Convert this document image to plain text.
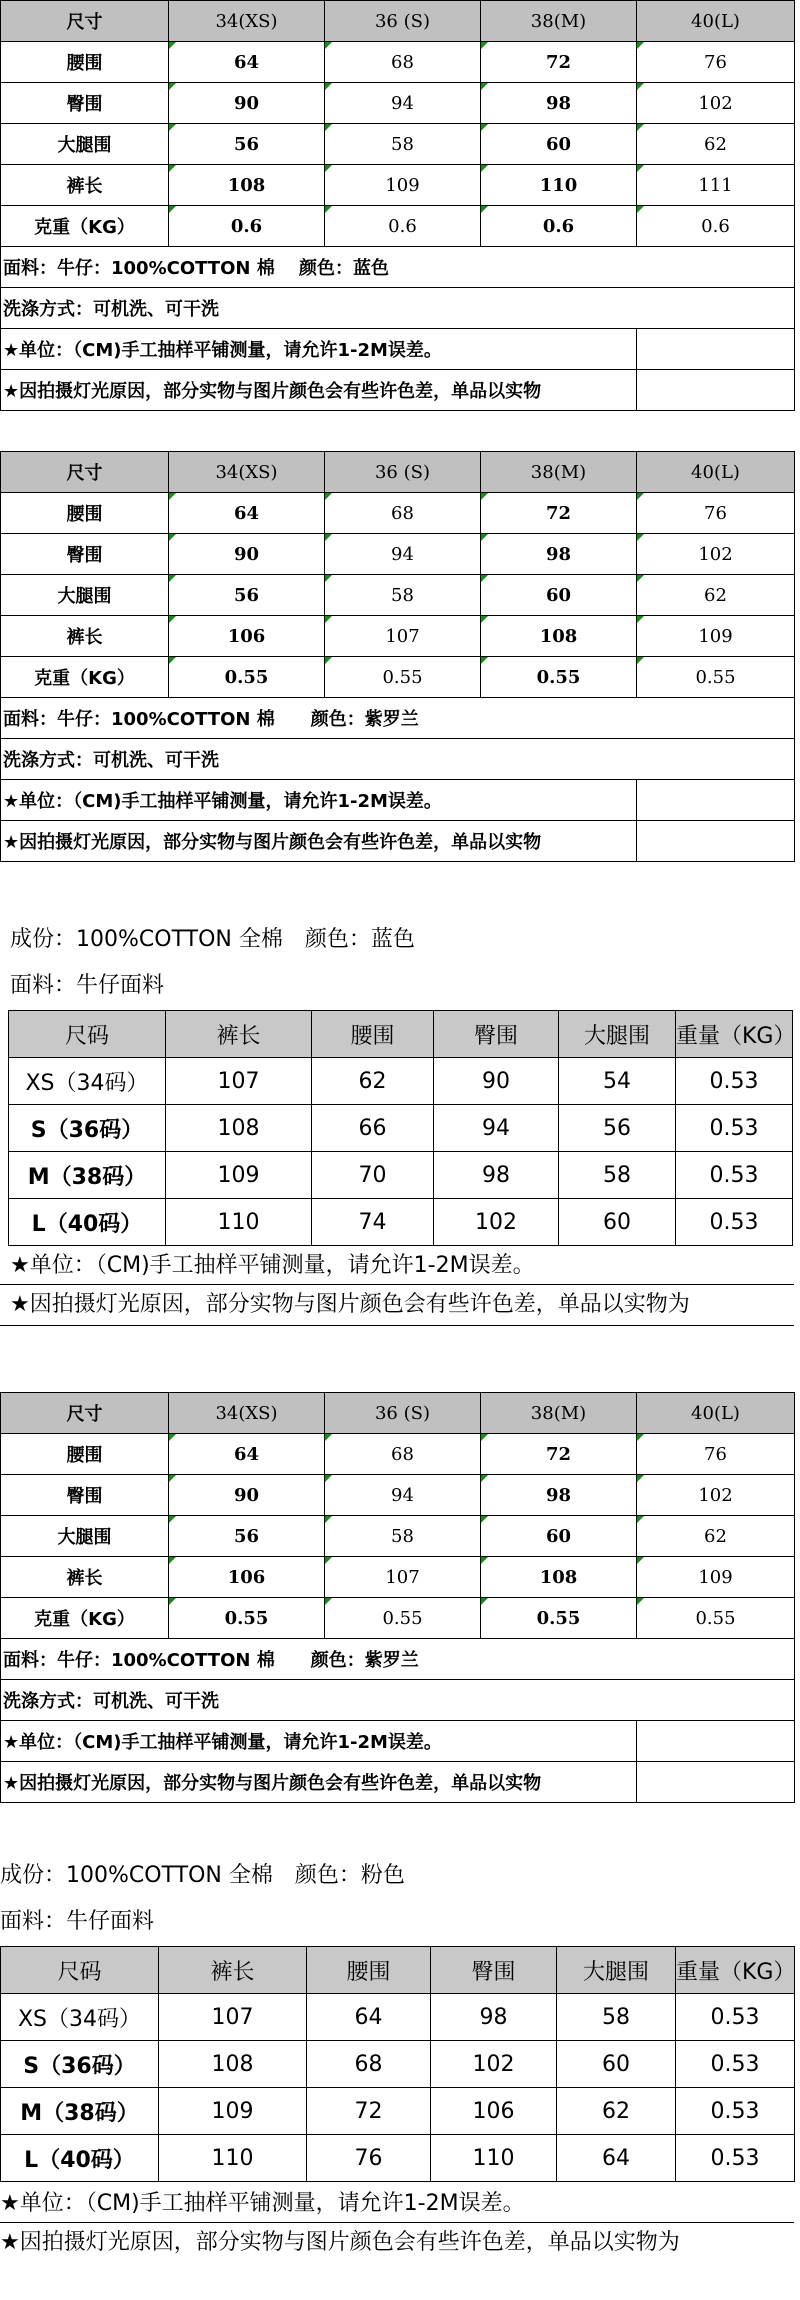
尺寸	34(XS)	36 (S)	38(M)	40(L)
腰围	64	68	72	76
臀围	90	94	98	102
大腿围	56	58	60	62
裤长	108	109	110	111
克重（KG）	0.6	0.6	0.6	0.6
面料：牛仔：100%COTTON 棉　 颜色：蓝色				
洗涤方式：可机洗、可干洗				
★单位：（CM)手工抽样平铺测量，请允许1-2M误差。				
★因拍摄灯光原因，部分实物与图片颜色会有些许色差，单品以实物				
尺寸	34(XS)	36 (S)	38(M)	40(L)
腰围	64	68	72	76
臀围	90	94	98	102
大腿围	56	58	60	62
裤长	106	107	108	109
克重（KG）	0.55	0.55	0.55	0.55
面料：牛仔：100%COTTON 棉　　颜色：紫罗兰				
洗涤方式：可机洗、可干洗				
★单位：（CM)手工抽样平铺测量，请允许1-2M误差。				
★因拍摄灯光原因，部分实物与图片颜色会有些许色差，单品以实物				
成份：100%COTTON 全棉　颜色：蓝色
面料：牛仔面料
尺码	裤长	腰围	臀围	大腿围	重量（KG）
XS（34码）	107	62	90	54	0.53
S（36码）	108	66	94	56	0.53
M（38码）	109	70	98	58	0.53
L（40码）	110	74	102	60	0.53
★单位：（CM)手工抽样平铺测量，请允许1-2M误差。
★因拍摄灯光原因，部分实物与图片颜色会有些许色差，单品以实物为
尺寸	34(XS)	36 (S)	38(M)	40(L)
腰围	64	68	72	76
臀围	90	94	98	102
大腿围	56	58	60	62
裤长	106	107	108	109
克重（KG）	0.55	0.55	0.55	0.55
面料：牛仔：100%COTTON 棉　　颜色：紫罗兰				
洗涤方式：可机洗、可干洗				
★单位：（CM)手工抽样平铺测量，请允许1-2M误差。				
★因拍摄灯光原因，部分实物与图片颜色会有些许色差，单品以实物				
成份：100%COTTON 全棉　颜色：粉色
面料：牛仔面料
尺码	裤长	腰围	臀围	大腿围	重量（KG）
XS（34码）	107	64	98	58	0.53
S（36码）	108	68	102	60	0.53
M（38码）	109	72	106	62	0.53
L（40码）	110	76	110	64	0.53
★单位：（CM)手工抽样平铺测量，请允许1-2M误差。
★因拍摄灯光原因，部分实物与图片颜色会有些许色差，单品以实物为
